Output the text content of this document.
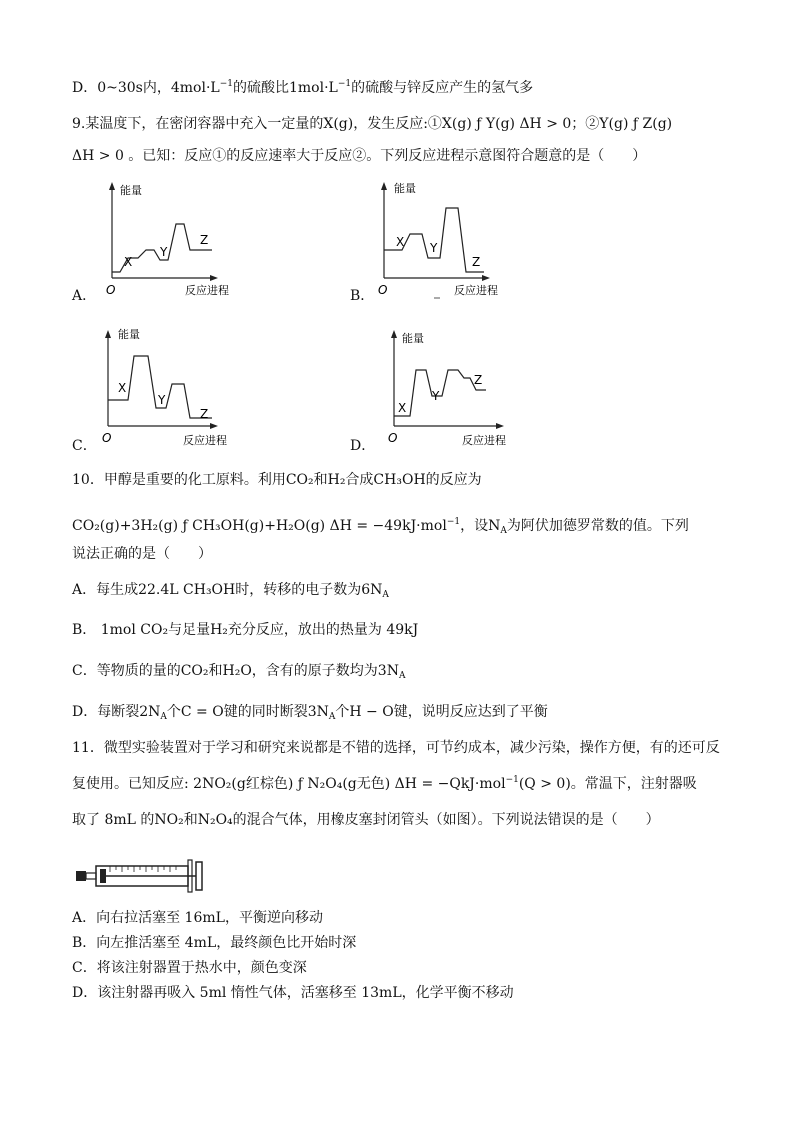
D．0~30s内，$4mol\cdot L^{-1}$的硫酸比$1mol\cdot L^{-1}$的硫酸与锌反应产生的氢气多
9.某温度下，在密闭容器中充入一定量的X(g)，发生反应:①X(g) ƒ Y(g) ΔH > 0；②Y(g) ƒ Z(g)
ΔH > 0 。已知：反应①的反应速率大于反应②。下列反应进程示意图符合题意的是（　　）
能量
O	反应进程
X
Y
Z
A．
能量
O	反应进程
X Y
Z
B．
能量
O	反应进程
X
Y
Z
C．
能量
O	反应进程
X
Y
Z
D．
10．甲醇是重要的化工原料。利用CO₂和H₂合成CH₃OH的反应为
CO₂(g)+3H₂(g) ƒ CH₃OH(g)+H₂O(g) ΔH = −49kJ·mol$^{-1}$，设$N_A$为阿伏加德罗常数的值。下列
说法正确的是（　　）
A．每生成22.4L CH₃OH时，转移的电子数为$6N_A$
B． 1mol CO₂与足量H₂充分反应，放出的热量为 49kJ
C．等物质的量的CO₂和H₂O，含有的原子数均为$3N_A$
D．每断裂$2N_A$个C = O键的同时断裂$3N_A$个H − O键，说明反应达到了平衡
11．微型实验装置对于学习和研究来说都是不错的选择，可节约成本，减少污染，操作方便，有的还可反
复使用。已知反应: 2NO₂(g红棕色) ƒ N₂O₄(g无色) ΔH = −QkJ·mol$^{-1}$(Q > 0)。常温下，注射器吸
取了 8mL 的NO₂和N₂O₄的混合气体，用橡皮塞封闭管头（如图）。下列说法错误的是（　　）
A．向右拉活塞至 16mL，平衡逆向移动
B．向左推活塞至 4mL，最终颜色比开始时深
C．将该注射器置于热水中，颜色变深
D．该注射器再吸入 5ml 惰性气体，活塞移至 13mL，化学平衡不移动
